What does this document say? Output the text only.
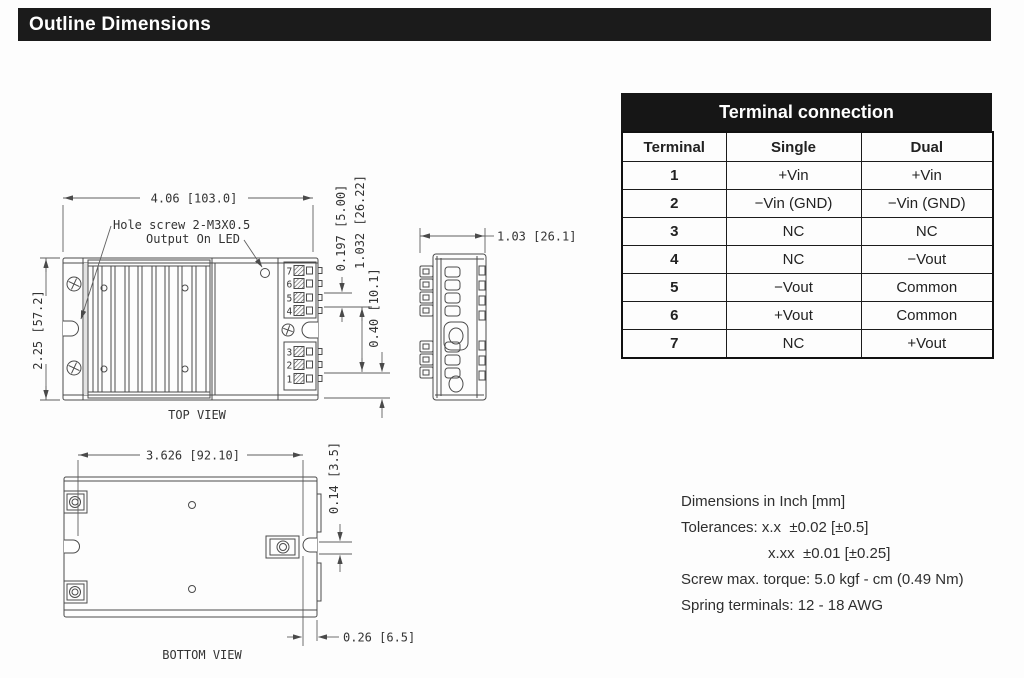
Outline Dimensions
7
6
5
4
3
2
1
TOP VIEW
4.06 [103.0]
Hole screw 2-M3X0.5
Output On LED
2.25 [57.2]
0.197 [5.00] 1.032 [26.22]
0.40 [10.1]
1.03 [26.1]
BOTTOM VIEW
3.626 [92.10]	0.14 [3.5]
0.26 [6.5]
Terminal connection
Terminal	Single	Dual
1	+Vin	+Vin
2	−Vin (GND)	−Vin (GND)
3	NC	NC
4	NC	−Vout
5	−Vout	Common
6	+Vout	Common
7	NC	+Vout
Dimensions in Inch [mm]
Tolerances: x.x  ±0.02 [±0.5]
x.xx  ±0.01 [±0.25]
Screw max. torque: 5.0 kgf - cm (0.49 Nm)
Spring terminals: 12 - 18 AWG
